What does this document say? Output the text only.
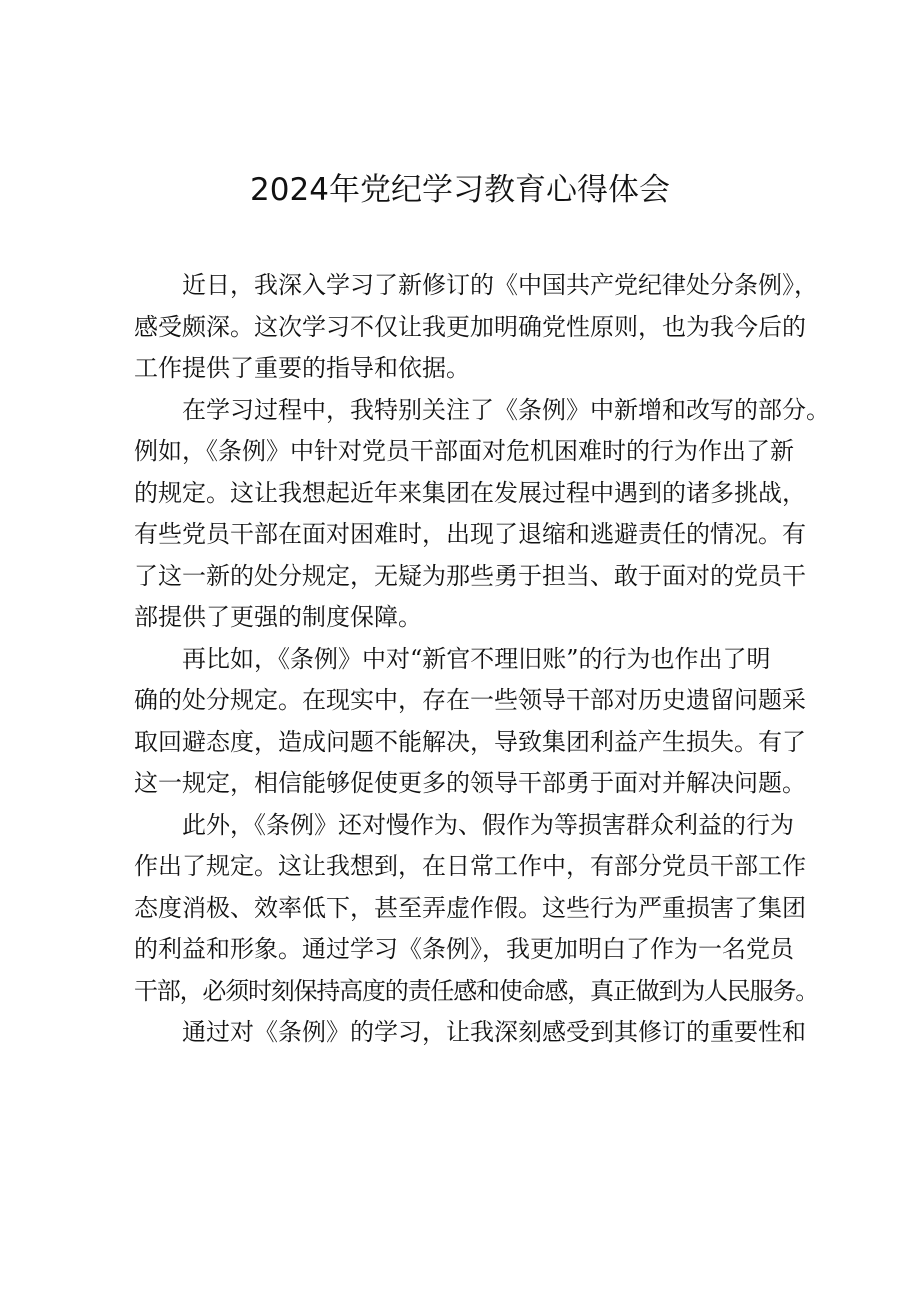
2024年党纪学习教育心得体会

近日，我深入学习了新修订的《中国共产党纪律处分条例》，
感受颇深。这次学习不仅让我更加明确党性原则，也为我今后的
工作提供了重要的指导和依据。

在学习过程中，我特别关注了《条例》中新增和改写的部分。
例如，《条例》中针对党员干部面对危机困难时的行为作出了新
的规定。这让我想起近年来集团在发展过程中遇到的诸多挑战，
有些党员干部在面对困难时，出现了退缩和逃避责任的情况。有
了这一新的处分规定，无疑为那些勇于担当、敢于面对的党员干
部提供了更强的制度保障。

再比如，《条例》中对“新官不理旧账”的行为也作出了明
确的处分规定。在现实中，存在一些领导干部对历史遗留问题采
取回避态度，造成问题不能解决，导致集团利益产生损失。有了
这一规定，相信能够促使更多的领导干部勇于面对并解决问题。

此外，《条例》还对慢作为、假作为等损害群众利益的行为
作出了规定。这让我想到，在日常工作中，有部分党员干部工作
态度消极、效率低下，甚至弄虚作假。这些行为严重损害了集团
的利益和形象。通过学习《条例》，我更加明白了作为一名党员
干部，必须时刻保持高度的责任感和使命感，真正做到为人民服务。

通过对《条例》的学习，让我深刻感受到其修订的重要性和
